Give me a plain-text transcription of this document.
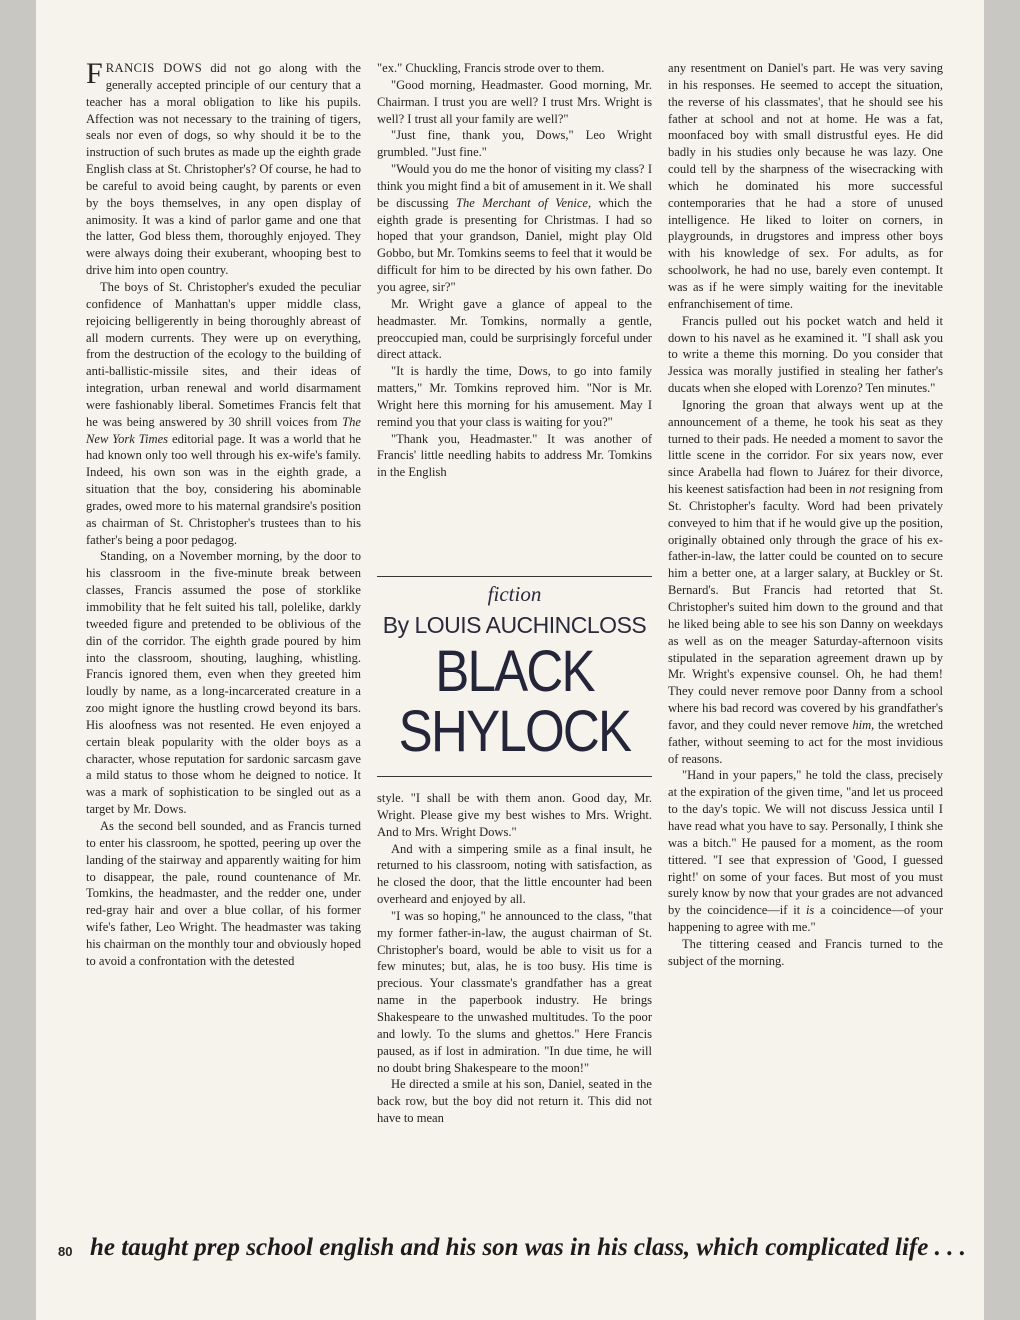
FRANCIS DOWS did not go along with the generally accepted principle of our century that a teacher has a moral obligation to like his pupils. Affection was not necessary to the training of tigers, seals nor even of dogs, so why should it be to the instruction of such brutes as made up the eighth grade English class at St. Christopher's? Of course, he had to be careful to avoid being caught, by parents or even by the boys themselves, in any open display of animosity. It was a kind of parlor game and one that the latter, God bless them, thoroughly enjoyed. They were always doing their exuberant, whooping best to drive him into open country.

The boys of St. Christopher's exuded the peculiar confidence of Manhattan's upper middle class, rejoicing belligerently in being thoroughly abreast of all modern currents. They were up on everything, from the destruction of the ecology to the building of anti-ballistic-missile sites, and their ideas of integration, urban renewal and world disarmament were fashionably liberal. Sometimes Francis felt that he was being answered by 30 shrill voices from The New York Times editorial page. It was a world that he had known only too well through his ex-wife's family. Indeed, his own son was in the eighth grade, a situation that the boy, considering his abominable grades, owed more to his maternal grandsire's position as chairman of St. Christopher's trustees than to his father's being a poor pedagog.

Standing, on a November morning, by the door to his classroom in the five-minute break between classes, Francis assumed the pose of storklike immobility that he felt suited his tall, polelike, darkly tweeded figure and pretended to be oblivious of the din of the corridor. The eighth grade poured by him into the classroom, shouting, laughing, whistling. Francis ignored them, even when they greeted him loudly by name, as a long-incarcerated creature in a zoo might ignore the hustling crowd beyond its bars. His aloofness was not resented. He even enjoyed a certain bleak popularity with the older boys as a character, whose reputation for sardonic sarcasm gave a mild status to those whom he deigned to notice. It was a mark of sophistication to be singled out as a target by Mr. Dows.

As the second bell sounded, and as Francis turned to enter his classroom, he spotted, peering up over the landing of the stairway and apparently waiting for him to disappear, the pale, round countenance of Mr. Tomkins, the headmaster, and the redder one, under red-gray hair and over a blue collar, of his former wife's father, Leo Wright. The headmaster was taking his chairman on the monthly tour and obviously hoped to avoid a confrontation with the detested

"ex." Chuckling, Francis strode over to them.

"Good morning, Headmaster. Good morning, Mr. Chairman. I trust you are well? I trust Mrs. Wright is well? I trust all your family are well?"

"Just fine, thank you, Dows," Leo Wright grumbled. "Just fine."

"Would you do me the honor of visiting my class? I think you might find a bit of amusement in it. We shall be discussing The Merchant of Venice, which the eighth grade is presenting for Christmas. I had so hoped that your grandson, Daniel, might play Old Gobbo, but Mr. Tomkins seems to feel that it would be difficult for him to be directed by his own father. Do you agree, sir?"

Mr. Wright gave a glance of appeal to the headmaster. Mr. Tomkins, normally a gentle, preoccupied man, could be surprisingly forceful under direct attack.

"It is hardly the time, Dows, to go into family matters," Mr. Tomkins reproved him. "Nor is Mr. Wright here this morning for his amusement. May I remind you that your class is waiting for you?"

"Thank you, Headmaster." It was another of Francis' little needling habits to address Mr. Tomkins in the English

fiction
By LOUIS AUCHINCLOSS
BLACK
SHYLOCK

style. "I shall be with them anon. Good day, Mr. Wright. Please give my best wishes to Mrs. Wright. And to Mrs. Wright Dows."

And with a simpering smile as a final insult, he returned to his classroom, noting with satisfaction, as he closed the door, that the little encounter had been overheard and enjoyed by all.

"I was so hoping," he announced to the class, "that my former father-in-law, the august chairman of St. Christopher's board, would be able to visit us for a few minutes; but, alas, he is too busy. His time is precious. Your classmate's grandfather has a great name in the paperbook industry. He brings Shakespeare to the unwashed multitudes. To the poor and lowly. To the slums and ghettos." Here Francis paused, as if lost in admiration. "In due time, he will no doubt bring Shakespeare to the moon!"

He directed a smile at his son, Daniel, seated in the back row, but the boy did not return it. This did not have to mean

any resentment on Daniel's part. He was very saving in his responses. He seemed to accept the situation, the reverse of his classmates', that he should see his father at school and not at home. He was a fat, moonfaced boy with small distrustful eyes. He did badly in his studies only because he was lazy. One could tell by the sharpness of the wisecracking with which he dominated his more successful contemporaries that he had a store of unused intelligence. He liked to loiter on corners, in playgrounds, in drugstores and impress other boys with his knowledge of sex. For adults, as for schoolwork, he had no use, barely even contempt. It was as if he were simply waiting for the inevitable enfranchisement of time.

Francis pulled out his pocket watch and held it down to his navel as he examined it. "I shall ask you to write a theme this morning. Do you consider that Jessica was morally justified in stealing her father's ducats when she eloped with Lorenzo? Ten minutes."

Ignoring the groan that always went up at the announcement of a theme, he took his seat as they turned to their pads. He needed a moment to savor the little scene in the corridor. For six years now, ever since Arabella had flown to Juárez for their divorce, his keenest satisfaction had been in not resigning from St. Christopher's faculty. Word had been privately conveyed to him that if he would give up the position, originally obtained only through the grace of his ex-father-in-law, the latter could be counted on to secure him a better one, at a larger salary, at Buckley or St. Bernard's. But Francis had retorted that St. Christopher's suited him down to the ground and that he liked being able to see his son Danny on weekdays as well as on the meager Saturday-afternoon visits stipulated in the separation agreement drawn up by Mr. Wright's expensive counsel. Oh, he had them! They could never remove poor Danny from a school where his bad record was covered by his grandfather's favor, and they could never remove him, the wretched father, without seeming to act for the most invidious of reasons.

"Hand in your papers," he told the class, precisely at the expiration of the given time, "and let us proceed to the day's topic. We will not discuss Jessica until I have read what you have to say. Personally, I think she was a bitch." He paused for a moment, as the room tittered. "I see that expression of 'Good, I guessed right!' on some of your faces. But most of you must surely know by now that your grades are not advanced by the coincidence—if it is a coincidence—of your happening to agree with me."

The tittering ceased and Francis turned to the subject of the morning.

80 he taught prep school english and his son was in his class, which complicated life . . .
